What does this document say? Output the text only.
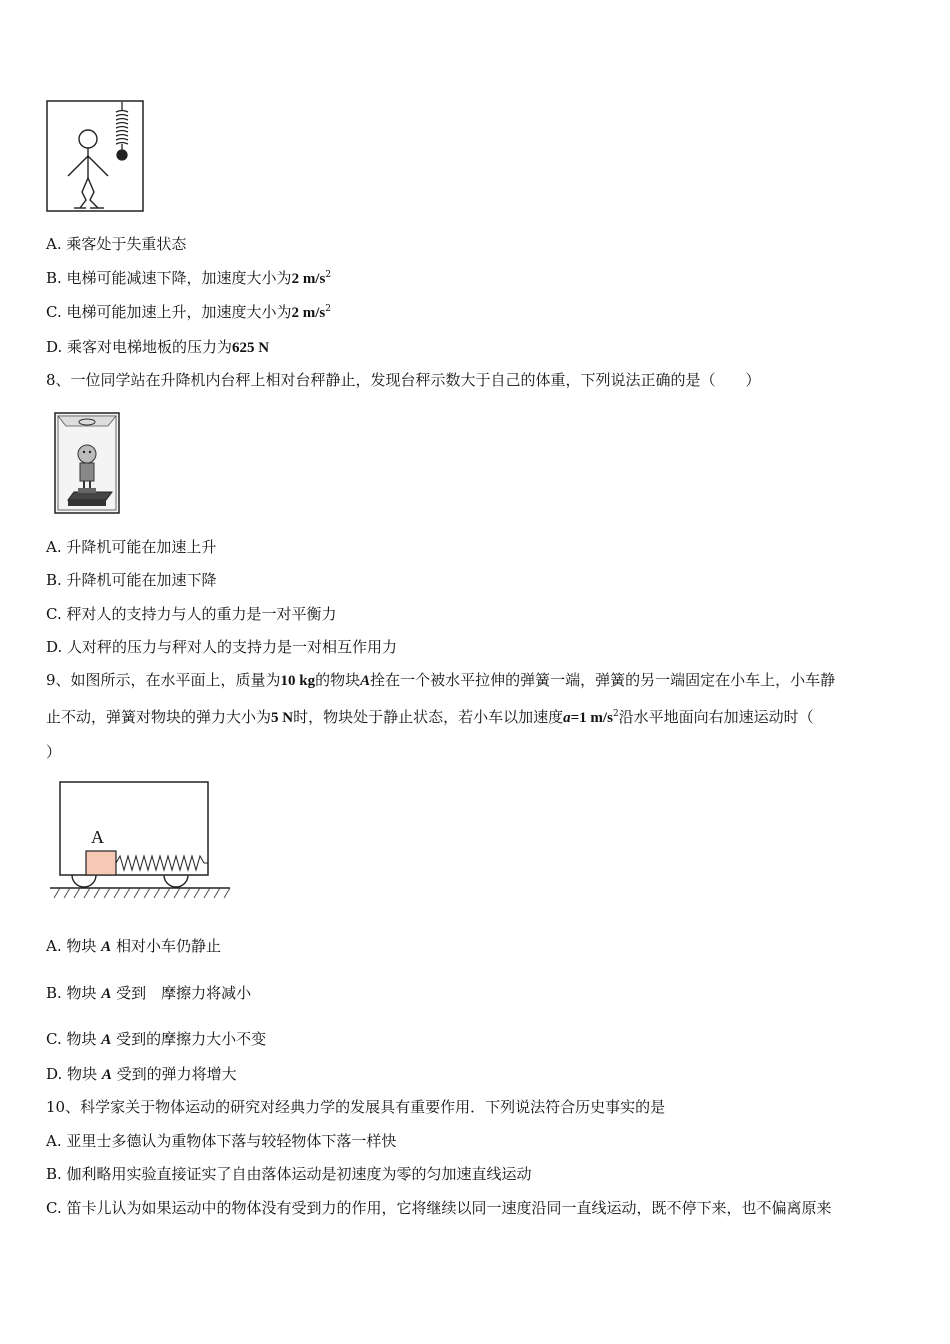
A. 乘客处于失重状态
B. 电梯可能减速下降，加速度大小为2 $m/s^2$
C. 电梯可能加速上升，加速度大小为2 $m/s^2$
D. 乘客对电梯地板的压力为625 N
8、一位同学站在升降机内台秤上相对台秤静止，发现台秤示数大于自己的体重，下列说法正确的是（　　）
A. 升降机可能在加速上升
B. 升降机可能在加速下降
C. 秤对人的支持力与人的重力是一对平衡力
D. 人对秤的压力与秤对人的支持力是一对相互作用力
9、如图所示，在水平面上，质量为10 kg的物块A拴在一个被水平拉伸的弹簧一端，弹簧的另一端固定在小车上，小车静
止不动，弹簧对物块的弹力大小为5 N时，物块处于静止状态，若小车以加速度a=1 $m/s^2$沿水平地面向右加速运动时（
）
A
A. 物块 A 相对小车仍静止
B. 物块 A 受到　摩擦力将减小
C. 物块 A 受到的摩擦力大小不变
D. 物块 A 受到的弹力将增大
10、科学家关于物体运动的研究对经典力学的发展具有重要作用．下列说法符合历史事实的是
A. 亚里士多德认为重物体下落与较轻物体下落一样快
B. 伽利略用实验直接证实了自由落体运动是初速度为零的匀加速直线运动
C. 笛卡儿认为如果运动中的物体没有受到力的作用，它将继续以同一速度沿同一直线运动，既不停下来，也不偏离原来
